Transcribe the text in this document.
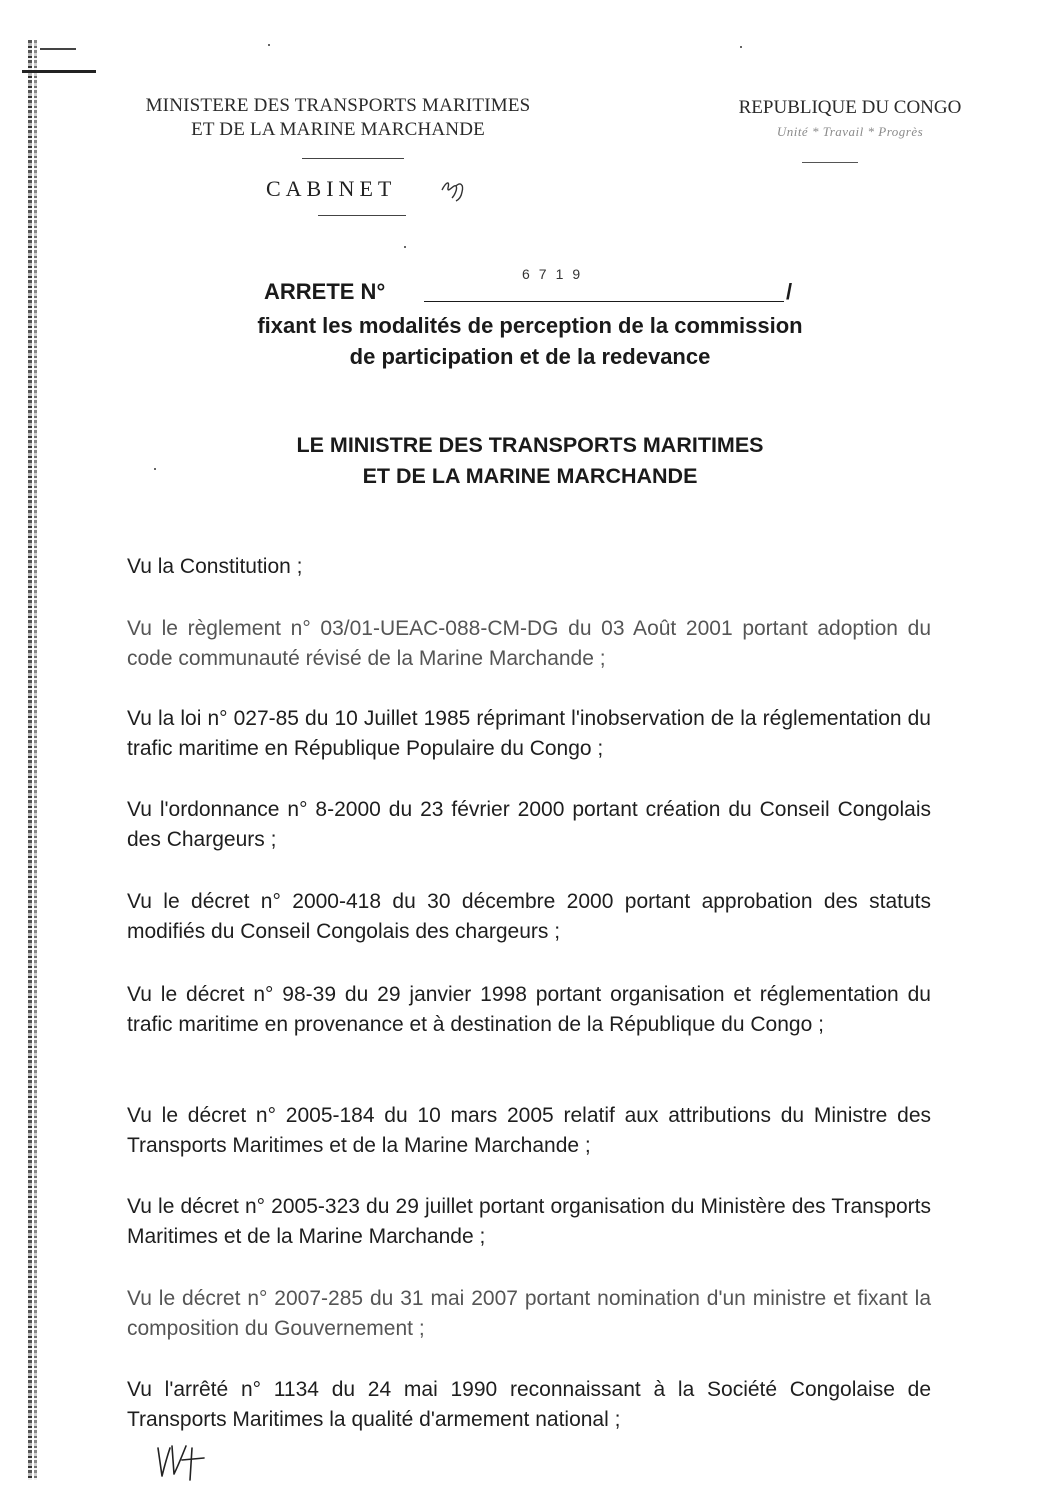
MINISTERE DES TRANSPORTS MARITIMES
ET DE LA MARINE MARCHANDE
CABINET
REPUBLIQUE DU CONGO
Unité * Travail * Progrès
6719
ARRETE N°	/
fixant les modalités de perception de la commission
de participation et de la redevance
LE MINISTRE DES TRANSPORTS MARITIMES
ET DE LA MARINE MARCHANDE
Vu la Constitution ;
Vu le règlement n° 03/01-UEAC-088-CM-DG du 03 Août 2001 portant adoption du code communauté révisé de la Marine Marchande ;
Vu la loi n° 027-85 du 10 Juillet 1985 réprimant l'inobservation de la réglementation du trafic maritime en République Populaire du Congo ;
Vu l'ordonnance n° 8-2000 du 23 février 2000 portant création du Conseil Congolais des Chargeurs ;
Vu le décret n° 2000-418 du 30 décembre 2000 portant approbation des statuts modifiés du Conseil Congolais des chargeurs ;
Vu le décret n° 98-39 du 29 janvier 1998 portant organisation et réglementation du trafic maritime en provenance et à destination de la République du Congo ;
Vu le décret n° 2005-184 du 10 mars 2005 relatif aux attributions du Ministre des Transports Maritimes et de la Marine Marchande ;
Vu le décret n° 2005-323 du 29 juillet portant organisation du Ministère des Transports Maritimes et de la Marine Marchande ;
Vu le décret n° 2007-285 du 31 mai 2007 portant nomination d'un ministre et fixant la composition du Gouvernement ;
Vu l'arrêté n° 1134 du 24 mai 1990 reconnaissant à la Société Congolaise de Transports Maritimes la qualité d'armement national ;
